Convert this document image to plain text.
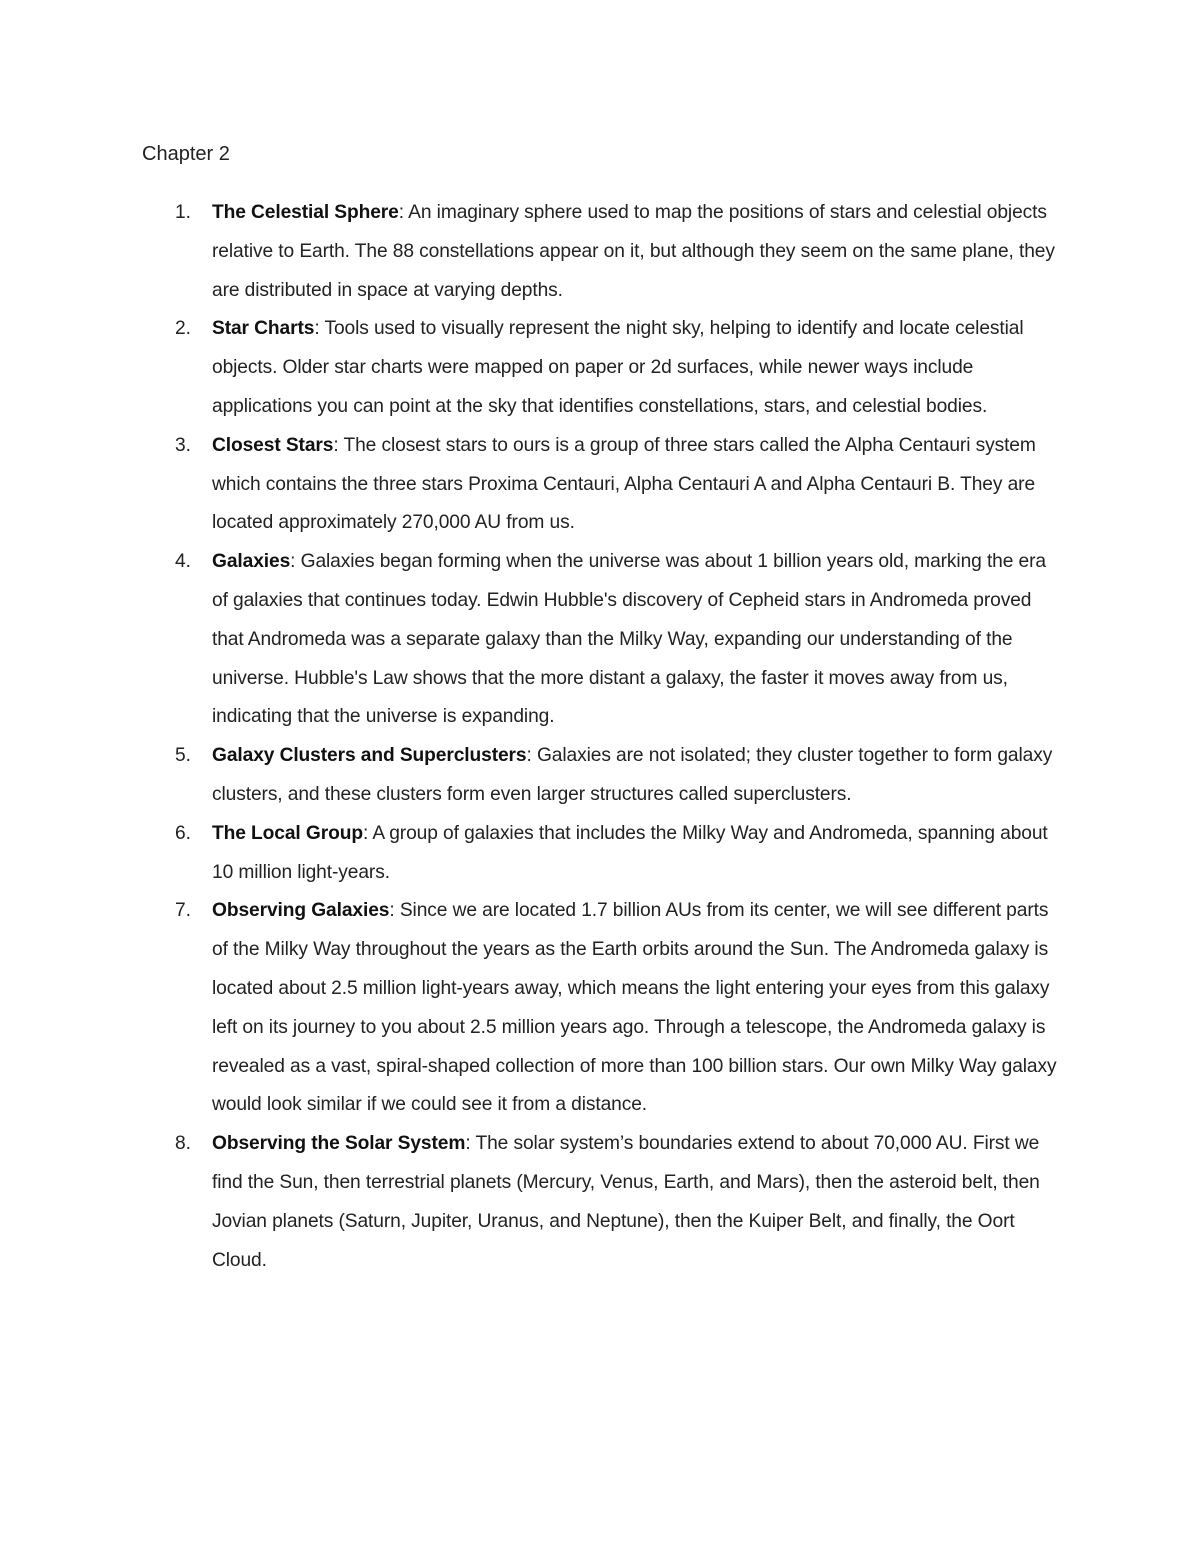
Chapter 2
1.	The Celestial Sphere: An imaginary sphere used to map the positions of stars and celestial objects relative to Earth. The 88 constellations appear on it, but although they seem on the same plane, they are distributed in space at varying depths.
2.	Star Charts: Tools used to visually represent the night sky, helping to identify and locate celestial objects. Older star charts were mapped on paper or 2d surfaces, while newer ways include applications you can point at the sky that identifies constellations, stars, and celestial bodies.
3.	Closest Stars: The closest stars to ours is a group of three stars called the Alpha Centauri system which contains the three stars Proxima Centauri, Alpha Centauri A and Alpha Centauri B. They are located approximately 270,000 AU from us.
4.	Galaxies: Galaxies began forming when the universe was about 1 billion years old, marking the era of galaxies that continues today. Edwin Hubble's discovery of Cepheid stars in Andromeda proved that Andromeda was a separate galaxy than the Milky Way, expanding our understanding of the universe. Hubble's Law shows that the more distant a galaxy, the faster it moves away from us, indicating that the universe is expanding.
5.	Galaxy Clusters and Superclusters: Galaxies are not isolated; they cluster together to form galaxy clusters, and these clusters form even larger structures called superclusters.
6.	The Local Group: A group of galaxies that includes the Milky Way and Andromeda, spanning about 10 million light-years.
7.	Observing Galaxies: Since we are located 1.7 billion AUs from its center, we will see different parts of the Milky Way throughout the years as the Earth orbits around the Sun. The Andromeda galaxy is located about 2.5 million light-years away, which means the light entering your eyes from this galaxy left on its journey to you about 2.5 million years ago. Through a telescope, the Andromeda galaxy is revealed as a vast, spiral-shaped collection of more than 100 billion stars. Our own Milky Way galaxy would look similar if we could see it from a distance.
8.	Observing the Solar System: The solar system’s boundaries extend to about 70,000 AU. First we find the Sun, then terrestrial planets (Mercury, Venus, Earth, and Mars), then the asteroid belt, then Jovian planets (Saturn, Jupiter, Uranus, and Neptune), then the Kuiper Belt, and finally, the Oort Cloud.
